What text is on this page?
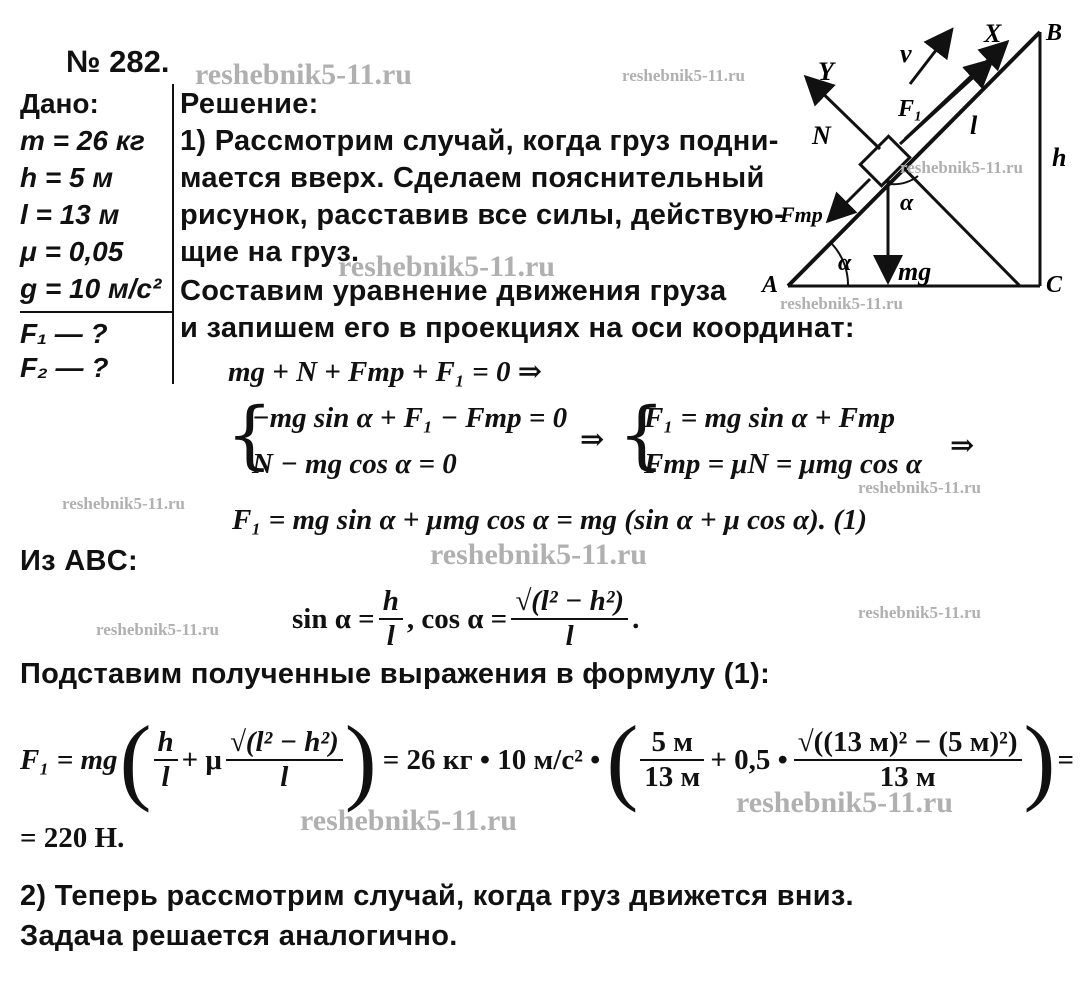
№ 282.
Дано:
m = 26 кг
h = 5 м
l = 13 м
μ = 0,05
g = 10 м/с²
F₁ — ?
F₂ — ?
Решение:
1) Рассмотрим случай, когда груз подни-
мается вверх. Сделаем пояснительный
рисунок, расставив все силы, действую-
щие на груз.
Составим уравнение движения груза
и запишем его в проекциях на оси координат:
mg + N + Fтр + F₁ = 0 ⇒
{
−mg sin α + F₁ − Fтр = 0
N − mg cos α = 0
⇒ {
F₁ = mg sin α + Fтр
Fтр = μN = μmg cos α
⇒
F₁ = mg sin α + μmg cos α = mg (sin α + μ cos α). (1)
Из ABC:
$\sin \alpha = \frac{h}{l}$ , $\cos \alpha = \frac{\text{√(l² − h²)}}{l}$ .
Подставим полученные выражения в формулу (1):
F₁ = mg ( $\frac{h}{l} + \mu \frac{\text{√(l² − h²)}}{l}$ ) = 26 кг • 10 м/с² • ( $\frac{5 м}{13 м} + 0,5$ • $\frac{\text{√((13 м)² − (5 м)²)}}{13 м}$ ) =
= 220 Н.
2) Теперь рассмотрим случай, когда груз движется вниз.
Задача решается аналогично.
A
B
C
X
Y
v
N
F₁
Fтр
mg
l
h
α
α
reshebnik5-11.ru	reshebnik5-11.ru
reshebnik5-11.ru
reshebnik5-11.ru
reshebnik5-11.ru
reshebnik5-11.ru
reshebnik5-11.ru
reshebnik5-11.ru
reshebnik5-11.ru
reshebnik5-11.ru
reshebnik5-11.ru
reshebnik5-11.ru
